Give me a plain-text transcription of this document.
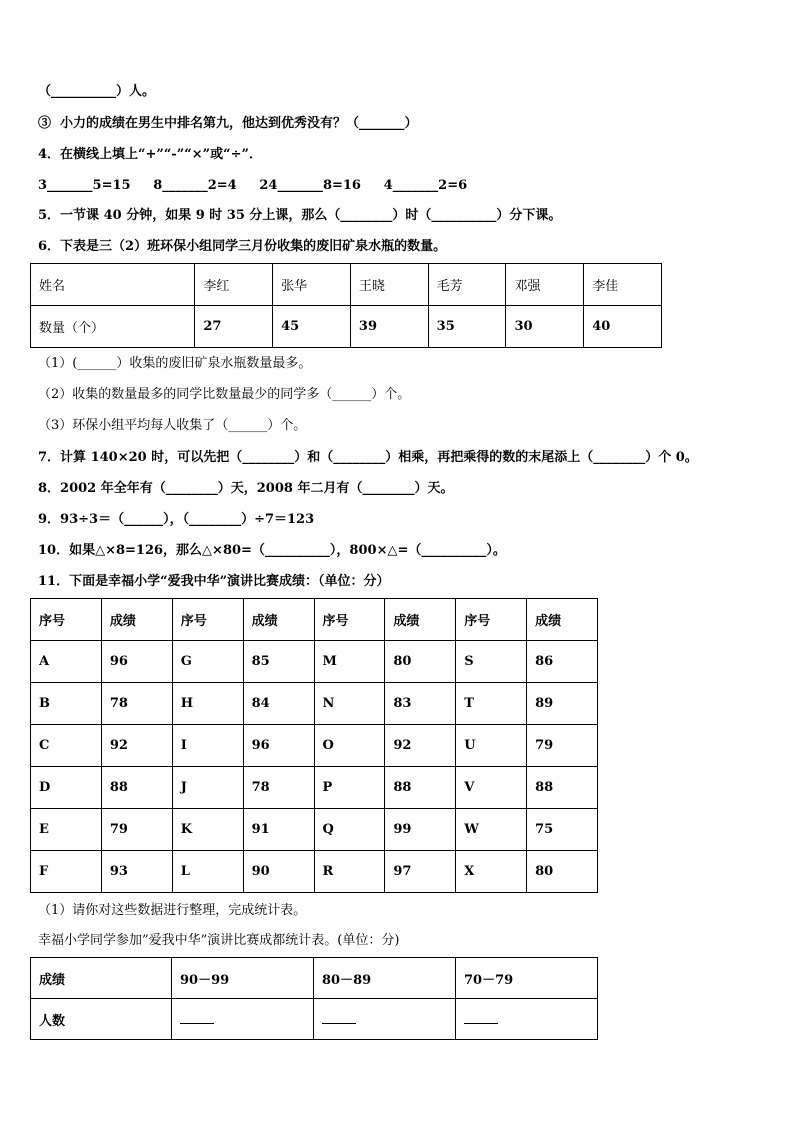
（__________）人。
③  小力的成绩在男生中排名第九，他达到优秀没有？（_______）
4．在横线上填上“+”“-”“×”或“÷”．
3_______5=15     8_______2=4     24_______8=16     4_______2=6
5．一节课 40 分钟，如果 9 时 35 分上课，那么（________）时（__________）分下课。
6．下表是三（2）班环保小组同学三月份收集的废旧矿泉水瓶的数量。
姓名	李红	张华	王晓	毛芳	邓强	李佳
数量（个）	27	45	39	35	30	40
（1）(______）收集的废旧矿泉水瓶数量最多。
（2）收集的数量最多的同学比数量最少的同学多（______）个。
（3）环保小组平均每人收集了（______）个。
7．计算 140×20 时，可以先把（________）和（________）相乘，再把乘得的数的末尾添上（________）个 0。
8．2002 年全年有（________）天，2008 年二月有（________）天。
9．93÷3＝（______），（________）÷7＝123
10．如果△×8=126，那么△×80=（__________），800×△=（__________）。
11．下面是幸福小学“爱我中华”演讲比赛成绩：（单位：分）
序号	成绩	序号	成绩	序号	成绩	序号	成绩
A	96	G	85	M	80	S	86
B	78	H	84	N	83	T	89
C	92	I	96	O	92	U	79
D	88	J	78	P	88	V	88
E	79	K	91	Q	99	W	75
F	93	L	90	R	97	X	80
（1）请你对这些数据进行整理，完成统计表。
幸福小学同学参加”爱我中华”演讲比赛成都统计表。(单位：分)
成绩	90－99	80－89	70－79
人数			
